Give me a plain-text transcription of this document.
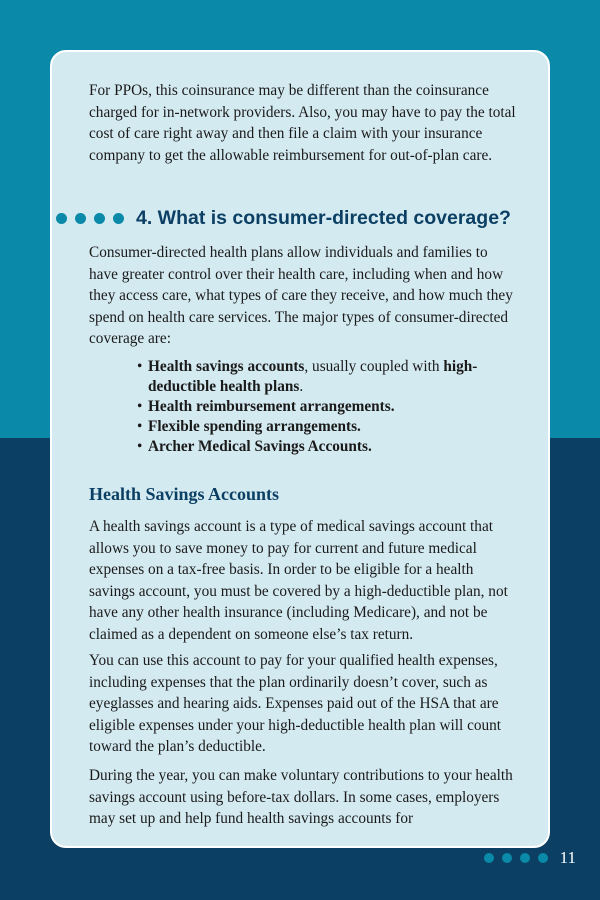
For PPOs, this coinsurance may be different than the coinsurance charged for in-network providers. Also, you may have to pay the total cost of care right away and then file a claim with your insurance company to get the allowable reimbursement for out-of-plan care.

4. What is consumer-directed coverage?

Consumer-directed health plans allow individuals and families to have greater control over their health care, including when and how they access care, what types of care they receive, and how much they spend on health care services. The major types of consumer-directed coverage are:

• Health savings accounts, usually coupled with high-deductible health plans.
• Health reimbursement arrangements.
• Flexible spending arrangements.
• Archer Medical Savings Accounts.
Health Savings Accounts

A health savings account is a type of medical savings account that allows you to save money to pay for current and future medical expenses on a tax-free basis. In order to be eligible for a health savings account, you must be covered by a high-deductible plan, not have any other health insurance (including Medicare), and not be claimed as a dependent on someone else’s tax return.

You can use this account to pay for your qualified health expenses, including expenses that the plan ordinarily doesn’t cover, such as eyeglasses and hearing aids. Expenses paid out of the HSA that are eligible expenses under your high-deductible health plan will count toward the plan’s deductible.

During the year, you can make voluntary contributions to your health savings account using before-tax dollars. In some cases, employers may set up and help fund health savings accounts for

11
